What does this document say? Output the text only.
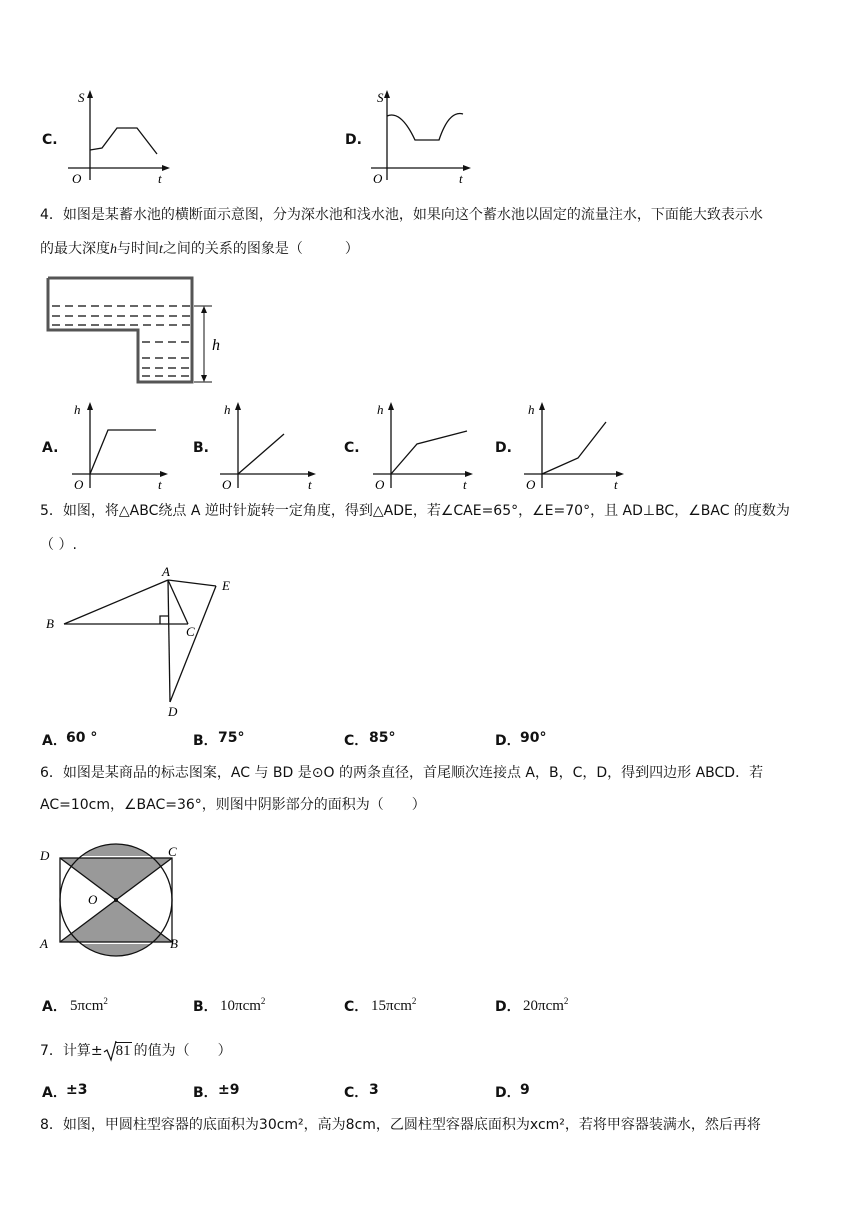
C.
S
O	t
D.
S
O	t
4．如图是某蓄水池的横断面示意图，分为深水池和浅水池，如果向这个蓄水池以固定的流量注水，下面能大致表示水
的最大深度h与时间t之间的关系的图象是（　　　）
h
A.
h
O	t
B.
h
O	t
C.
h
O	t
D.
h
O	t
5．如图，将△ABC绕点 A 逆时针旋转一定角度，得到△ADE，若∠CAE=65°，∠E=70°，且 AD⊥BC，∠BAC 的度数为
（ ）.
A
B
C
D
E
A． 60 °	B． 75°	C． 85°	D． 90°
6．如图是某商品的标志图案，AC 与 BD 是⊙O 的两条直径，首尾顺次连接点 A，B，C，D，得到四边形 ABCD．若
AC=10cm，∠BAC=36°，则图中阴影部分的面积为（　　）
D	C
A	B
O
A． 5πcm$^2$	B． 10πcm$^2$	C． 15πcm$^2$	D． 20πcm$^2$
7．计算± 81 的值为（　　）
A． ±3	B． ±9	C． 3	D． 9
8．如图，甲圆柱型容器的底面积为30cm²，高为8cm，乙圆柱型容器底面积为xcm²，若将甲容器装满水，然后再将
